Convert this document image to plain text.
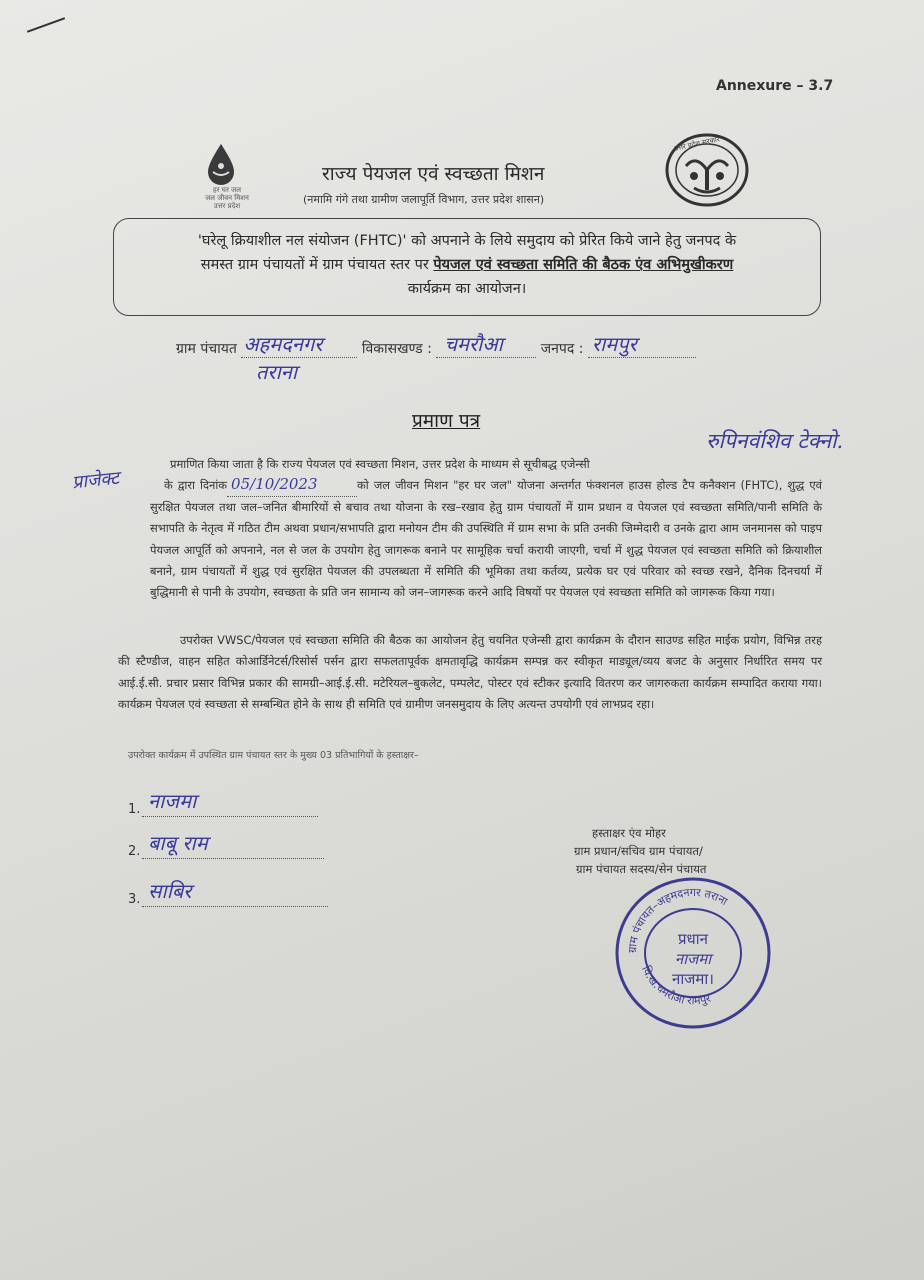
Annexure – 3.7
हर घर जल
जल जीवन मिशन
उत्तर प्रदेश
राज्य पेयजल एवं स्वच्छता मिशन
(नमामि गंगे तथा ग्रामीण जलापूर्ति विभाग, उत्तर प्रदेश शासन)
उत्तर प्रदेश सरकार
'घरेलू क्रियाशील नल संयोजन (FHTC)' को अपनाने के लिये समुदाय को प्रेरित किये जाने हेतु जनपद के
समस्त ग्राम पंचायतों में ग्राम पंचायत स्तर पर पेयजल एवं स्वच्छता समिति की बैठक एंव अभिमुखीकरण
कार्यक्रम का आयोजन।
ग्राम पंचायत अहमदनगर	विकासखण्ड : चमरौआ	जनपद : रामपुर
तराना
प्रमाण पत्र
रुपिनवंशिव टेक्नो.
प्राजेक्ट
प्रमाणित किया जाता है कि राज्य पेयजल एवं स्वच्छता मिशन, उत्तर प्रदेश के माध्यम से सूचीबद्ध एजेन्सी
के द्वारा दिनांक 05/10/2023	को जल जीवन मिशन "हर घर जल" योजना अन्तर्गत फंक्शनल हाउस होल्ड टैप कनैक्शन (FHTC), शुद्ध एवं सुरक्षित पेयजल तथा जल–जनित बीमारियों से बचाव तथा योजना के रख–रखाव हेतु ग्राम पंचायतों में ग्राम प्रधान व पेयजल एवं स्वच्छता समिति/पानी समिति के सभापति के नेतृत्व में गठित टीम अथवा प्रधान/सभापति द्वारा मनोयन टीम की उपस्थिति में ग्राम सभा के प्रति उनकी जिम्मेदारी व उनके द्वारा आम जनमानस को पाइप पेयजल आपूर्ति को अपनाने, नल से जल के उपयोग हेतु जागरूक बनाने पर सामूहिक चर्चा करायी जाएगी, चर्चा में शुद्ध पेयजल एवं स्वच्छता समिति को क्रियाशील बनाने, ग्राम पंचायतों में शुद्ध एवं सुरक्षित पेयजल की उपलब्धता में समिति की भूमिका तथा कर्तव्य, प्रत्येक घर एवं परिवार को स्वच्छ रखने, दैनिक दिनचर्या में बुद्धिमानी से पानी के उपयोग, स्वच्छता के प्रति जन सामान्य को जन–जागरूक करने आदि विषयों पर पेयजल एवं स्वच्छता समिति को जागरूक किया गया।
उपरोक्त VWSC/पेयजल एवं स्वच्छता समिति की बैठक का आयोजन हेतु चयनित एजेन्सी द्वारा कार्यक्रम के दौरान साउण्ड सहित माईक प्रयोग, विभिन्न तरह की स्टैण्डीज, वाहन सहित कोआर्डिनेटर्स/रिसोर्स पर्सन द्वारा सफलतापूर्वक क्षमतावृद्धि कार्यक्रम सम्पन्न कर स्वीकृत माड्यूल/व्यय बजट के अनुसार निर्धारित समय पर आई.ई.सी. प्रचार प्रसार विभिन्न प्रकार की सामग्री–आई.ई.सी. मटेरियल–बुकलेट, पम्पलेट, पोस्टर एवं स्टीकर इत्यादि वितरण कर जागरुकता कार्यक्रम सम्पादित कराया गया। कार्यक्रम पेयजल एवं स्वच्छता से सम्बन्धित होने के साथ ही समिति एवं ग्रामीण जनसमुदाय के लिए अत्यन्त उपयोगी एवं लाभप्रद रहा।
उपरोक्त कार्यक्रम में उपस्थित ग्राम पंचायत स्तर के मुख्य 03 प्रतिभागियों के हस्ताक्षर–
1. नाजमा
2. बाबू राम
3. साबिर
हस्ताक्षर एंव मोहर
ग्राम प्रधान/सचिव ग्राम पंचायत/
ग्राम पंचायत सदस्य/सेन पंचायत
ग्राम पंचायत–अहमदनगर तराना
वि.ख.चमरौआ रामपुर
प्रधान
नाजमा
नाजमा।
